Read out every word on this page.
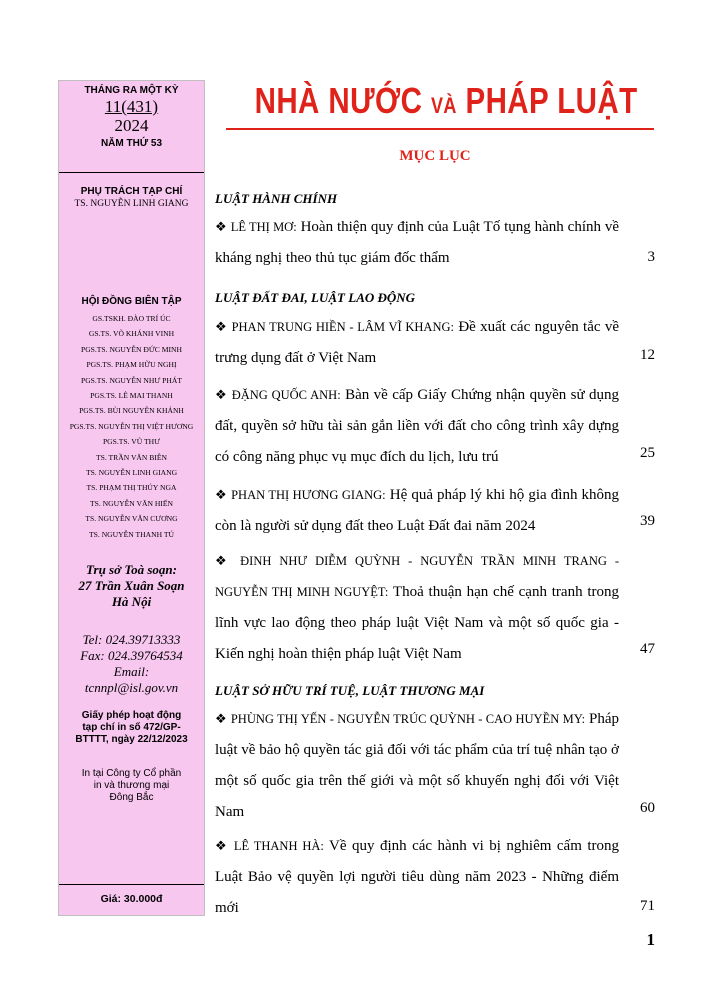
THÁNG RA MỘT KỲ
11(431)
2024
NĂM THỨ 53
PHỤ TRÁCH TẠP CHÍ
TS. NGUYỄN LINH GIANG
HỘI ĐỒNG BIÊN TẬP
GS.TSKH. ĐÀO TRÍ ÚC
GS.TS. VÕ KHÁNH VINH
PGS.TS. NGUYỄN ĐỨC MINH
PGS.TS. PHẠM HỮU NGHỊ
PGS.TS. NGUYỄN NHƯ PHÁT
PGS.TS. LÊ MAI THANH
PGS.TS. BÙI NGUYÊN KHÁNH
PGS.TS. NGUYỄN THỊ VIỆT HƯƠNG
PGS.TS. VŨ THƯ
TS. TRẦN VĂN BIÊN
TS. NGUYỄN LINH GIANG
TS. PHẠM THỊ THÚY NGA
TS. NGUYỄN VĂN HIỂN
TS. NGUYỄN VĂN CƯƠNG
TS. NGUYỄN THANH TÚ
Trụ sở Toà soạn:
27 Trần Xuân Soạn
Hà Nội
Tel: 024.39713333
Fax: 024.39764534
Email:
tcnnpl@isl.gov.vn
Giấy phép hoạt động
tạp chí in số 472/GP-
BTTTT, ngày 22/12/2023
In tại Công ty Cổ phần
in và thương mại
Đông Bắc
Giá: 30.000đ
NHÀ NƯỚC VÀ PHÁP LUẬT
MỤC LỤC
LUẬT HÀNH CHÍNH
❖ LÊ THỊ MƠ: Hoàn thiện quy định của Luật Tố tụng hành chính về kháng nghị theo thủ tục giám đốc thẩm	3
LUẬT ĐẤT ĐAI, LUẬT LAO ĐỘNG
❖ PHAN TRUNG HIỀN - LÂM VĨ KHANG: Đề xuất các nguyên tắc về trưng dụng đất ở Việt Nam	12
❖ ĐẶNG QUỐC ANH: Bàn về cấp Giấy Chứng nhận quyền sử dụng đất, quyền sở hữu tài sản gắn liền với đất cho công trình xây dựng có công năng phục vụ mục đích du lịch, lưu trú	25
❖ PHAN THỊ HƯƠNG GIANG: Hệ quả pháp lý khi hộ gia đình không còn là người sử dụng đất theo Luật Đất đai năm 2024	39
❖ ĐINH NHƯ DIỄM QUỲNH - NGUYỄN TRẦN MINH TRANG - NGUYỄN THỊ MINH NGUYỆT: Thoả thuận hạn chế cạnh tranh trong lĩnh vực lao động theo pháp luật Việt Nam và một số quốc gia - Kiến nghị hoàn thiện pháp luật Việt Nam	47
LUẬT SỞ HỮU TRÍ TUỆ, LUẬT THƯƠNG MẠI
❖ PHÙNG THỊ YẾN - NGUYỄN TRÚC QUỲNH - CAO HUYỀN MY: Pháp luật về bảo hộ quyền tác giả đối với tác phẩm của trí tuệ nhân tạo ở một số quốc gia trên thế giới và một số khuyến nghị đối với Việt Nam	60
❖ LÊ THANH HÀ: Về quy định các hành vi bị nghiêm cấm trong Luật Bảo vệ quyền lợi người tiêu dùng năm 2023 - Những điểm mới	71
1
